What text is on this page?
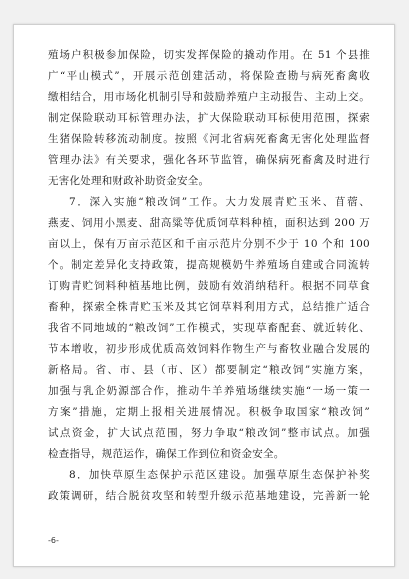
殖场户积极参加保险，切实发挥保险的撬动作用。在 51 个县推
广“平山模式”，开展示范创建活动，将保险查勘与病死畜禽收
缴相结合，用市场化机制引导和鼓励养殖户主动报告、主动上交。
制定保险联动耳标管理办法，扩大保险联动耳标使用范围，探索
生猪保险转移流动制度。按照《河北省病死畜禽无害化处理监督
管理办法》有关要求，强化各环节监管，确保病死畜禽及时进行
无害化处理和财政补助资金安全。
7．深入实施“粮改饲”工作。大力发展青贮玉米、苜蓿、
燕麦、饲用小黑麦、甜高粱等优质饲草料种植，面积达到 200 万
亩以上，保有万亩示范区和千亩示范片分别不少于 10 个和 100
个。制定差异化支持政策，提高规模奶牛养殖场自建或合同流转
订购青贮饲料种植基地比例，鼓励有效消纳秸秆。根据不同草食
畜种，探索全株青贮玉米及其它饲草料利用方式，总结推广适合
我省不同地域的“粮改饲”工作模式，实现草畜配套、就近转化、
节本增收，初步形成优质高效饲料作物生产与畜牧业融合发展的
新格局。省、市、县（市、区）都要制定“粮改饲”实施方案，
加强与乳企奶源部合作，推动牛羊养殖场继续实施“一场一策一
方案”措施，定期上报相关进展情况。积极争取国家“粮改饲”
试点资金，扩大试点范围，努力争取“粮改饲”整市试点。加强
检查指导，规范运作，确保工作到位和资金安全。
8．加快草原生态保护示范区建设。加强草原生态保护补奖
政策调研，结合脱贫攻坚和转型升级示范基地建设，完善新一轮
-6-
